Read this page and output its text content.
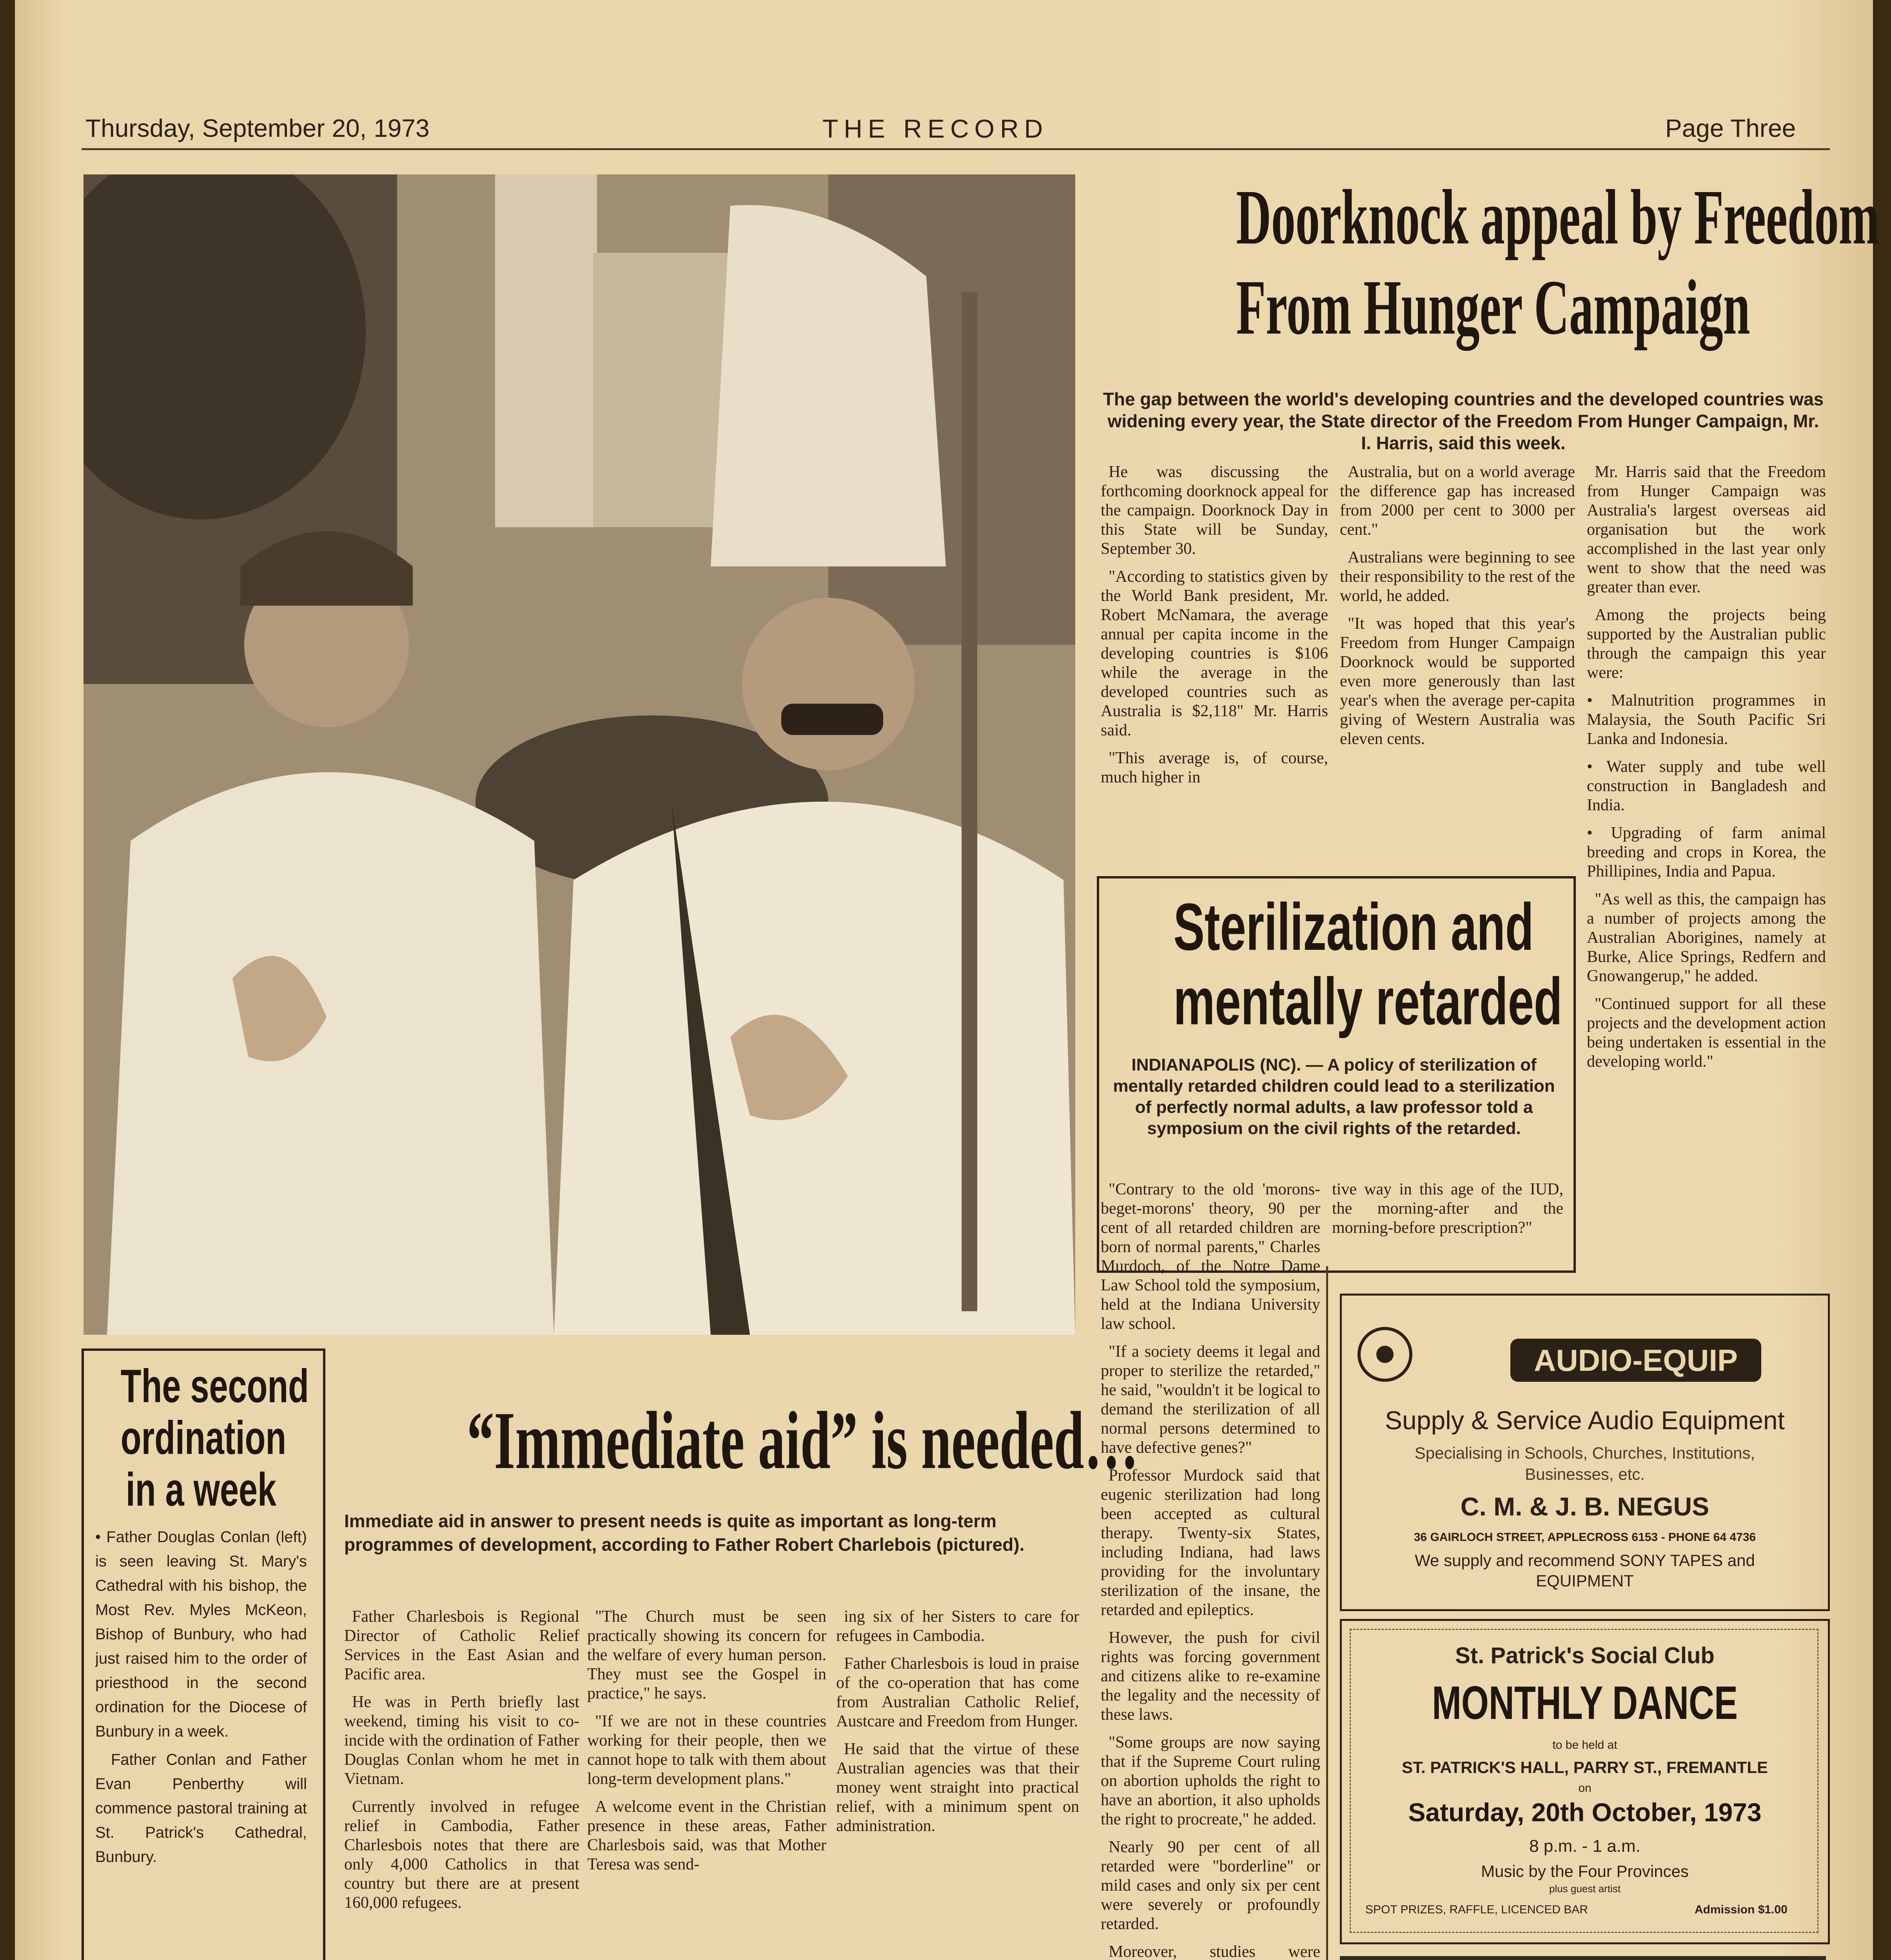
Thursday, September 20, 1973	THE RECORD	Page Three
Doorknock appeal by Freedom
From Hunger Campaign
The gap between the world's developing countries and the developed countries was widening every year, the State director of the Freedom From Hunger Campaign, Mr. I. Harris, said this week.

He was discussing the forthcoming doorknock appeal for the campaign. Doorknock Day in this State will be Sunday, September 30.

"According to statistics given by the World Bank president, Mr. Robert McNamara, the average annual per capita income in the developing countries is $106 while the average in the developed countries such as Australia is $2,118" Mr. Harris said.

"This average is, of course, much higher in

Australia, but on a world average the difference gap has increased from 2000 per cent to 3000 per cent."

Australians were beginning to see their responsibility to the rest of the world, he added.

"It was hoped that this year's Freedom from Hunger Campaign Doorknock would be supported even more generously than last year's when the average per-capita giving of Western Australia was eleven cents.

Mr. Harris said that the Freedom from Hunger Campaign was Australia's largest overseas aid organisation but the work accomplished in the last year only went to show that the need was greater than ever.

Among the projects being supported by the Australian public through the campaign this year were:

• Malnutrition programmes in Malaysia, the South Pacific Sri Lanka and Indonesia.

• Water supply and tube well construction in Bangladesh and India.

• Upgrading of farm animal breeding and crops in Korea, the Phillipines, India and Papua.

"As well as this, the campaign has a number of projects among the Australian Aborigines, namely at Burke, Alice Springs, Redfern and Gnowangerup," he added.

"Continued support for all these projects and the development action being undertaken is essential in the developing world."

Sterilization and
mentally retarded
INDIANAPOLIS (NC). — A policy of sterilization of mentally retarded children could lead to a sterilization of perfectly normal adults, a law professor told a symposium on the civil rights of the retarded.

tive way in this age of the IUD, the morning-after and the morning-before prescription?"

"Contrary to the old 'morons-beget-morons' theory, 90 per cent of all retarded children are born of normal parents," Charles Murdoch, of the Notre Dame Law School told the symposium, held at the Indiana University law school.

"If a society deems it legal and proper to sterilize the retarded," he said, "wouldn't it be logical to demand the sterilization of all normal persons determined to have defective genes?"

Professor Murdock said that eugenic sterilization had long been accepted as cultural therapy. Twenty-six States, including Indiana, had laws providing for the involuntary sterilization of the insane, the retarded and epileptics.

However, the push for civil rights was forcing government and citizens alike to re-examine the legality and the necessity of these laws.

"Some groups are now saying that if the Supreme Court ruling on abortion upholds the right to have an abortion, it also upholds the right to procreate," he added.

Nearly 90 per cent of all retarded were "borderline" or mild cases and only six per cent were severely or profoundly retarded.

Moreover, studies were

The second
ordination
in a week

• Father Douglas Conlan (left) is seen leaving St. Mary's Cathedral with his bishop, the Most Rev. Myles McKeon, Bishop of Bunbury, who had just raised him to the order of priesthood in the second ordination for the Diocese of Bunbury in a week.

Father Conlan and Father Evan Penberthy will commence pastoral training at St. Patrick's Cathedral, Bunbury.

“Immediate aid” is needed…
Immediate aid in answer to present needs is quite as important as long-term programmes of development, according to Father Robert Charlebois (pictured).

Father Charlesbois is Regional Director of Catholic Relief Services in the East Asian and Pacific area.

He was in Perth briefly last weekend, timing his visit to co-incide with the ordination of Father Douglas Conlan whom he met in Vietnam.

Currently involved in refugee relief in Cambodia, Father Charlesbois notes that there are only 4,000 Catholics in that country but there are at present 160,000 refugees.

"The Church must be seen practically showing its concern for the welfare of every human person. They must see the Gospel in practice," he says.

"If we are not in these countries working for their people, then we cannot hope to talk with them about long-term development plans."

A welcome event in the Christian presence in these areas, Father Charlesbois said, was that Mother Teresa was send-

ing six of her Sisters to care for refugees in Cambodia.

Father Charlesbois is loud in praise of the co-operation that has come from Australian Catholic Relief, Austcare and Freedom from Hunger.

He said that the virtue of these Australian agencies was that their money went straight into practical relief, with a minimum spent on administration.

AUDIO-EQUIP
Supply & Service Audio Equipment
Specialising in Schools, Churches, Institutions, Businesses, etc.
C. M. & J. B. NEGUS
36 GAIRLOCH STREET, APPLECROSS 6153 - PHONE 64 4736
We supply and recommend SONY TAPES and EQUIPMENT
St. Patrick's Social Club
MONTHLY DANCE
to be held at
ST. PATRICK'S HALL, PARRY ST., FREMANTLE
on
Saturday, 20th October, 1973
8 p.m. - 1 a.m.
Music by the Four Provinces
plus guest artist
SPOT PRIZES, RAFFLE, LICENCED BAR	Admission $1.00
